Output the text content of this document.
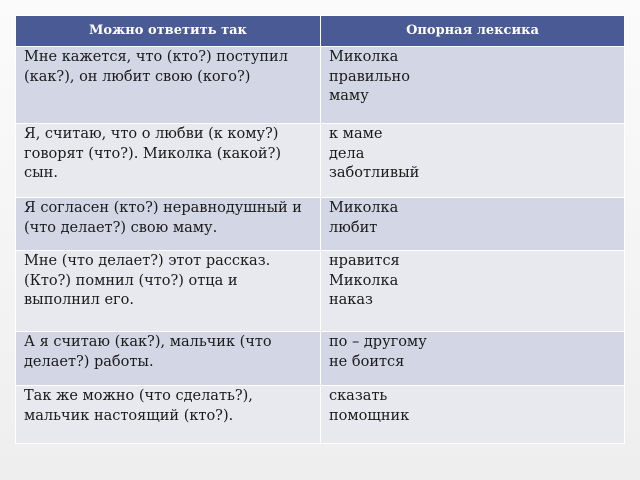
Можно ответить так	Опорная лексика

Мне кажется, что (кто?) поступил (как?), он любит свою (кого?)	Миколка
правильно
маму

Я, считаю, что о любви (к кому?) говорят (что?). Миколка (какой?) сын.	к маме
дела
заботливый

Я согласен (кто?) неравнодушный и (что делает?) свою маму.	Миколка
любит

Мне (что делает?) этот рассказ. (Кто?) помнил (что?) отца и выполнил его.	нравится
Миколка
наказ

А я считаю (как?), мальчик (что делает?) работы.	по – другому
не боится

Так же можно (что сделать?), мальчик настоящий (кто?).	сказать
помощник
